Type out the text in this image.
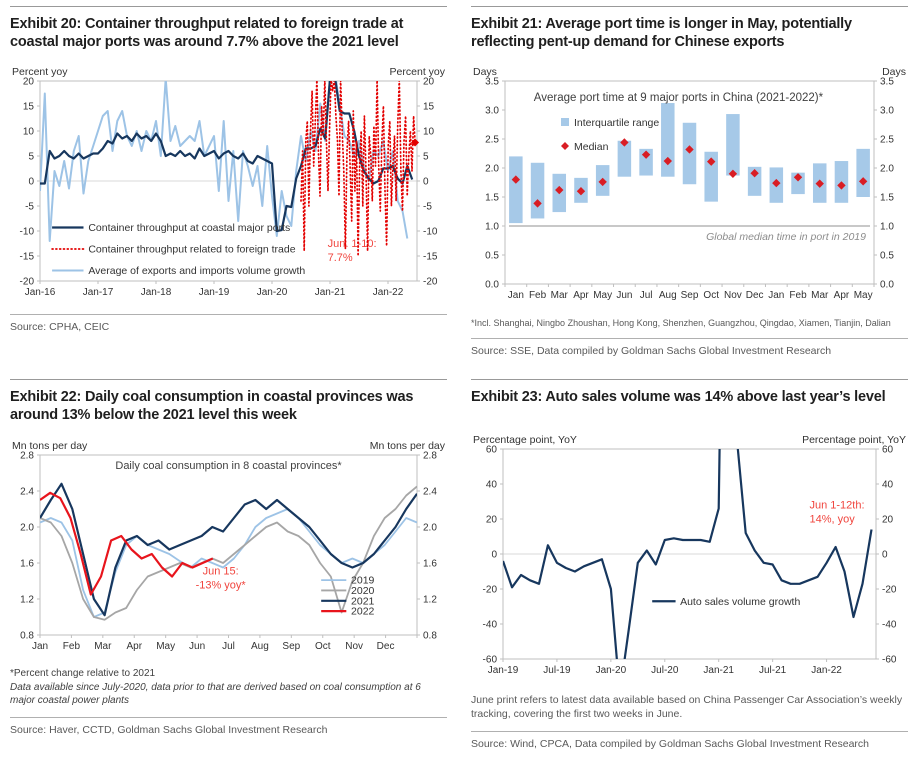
Exhibit 20: Container throughput related to foreign trade at coastal major ports was around 7.7% above the 2021 level
Percent yoy	Percent yoy
-20	-20
-15	-15
-10	-10
-5	-5
0	0
5	5
10	10
15	15
20	20
Jan-16	Jan-17	Jan-18	Jan-19	Jan-20	Jan-21	Jan-22
Container throughput at coastal major ports
Container throughput related to foreign trade
Average of exports and imports volume growth
Jun. 1-10:
7.7%

Source: CPHA, CEIC

Exhibit 21: Average port time is longer in May, potentially reflecting pent-up demand for Chinese exports
Days	Days
0.0	0.0
0.5	0.5
1.0	1.0
1.5	1.5
2.0	2.0
2.5	2.5
3.0	3.0
3.5	3.5
Global median time in port in 2019
Jan Feb Mar Apr May Jun Jul Aug Sep Oct Nov Dec Jan Feb Mar Apr May
Average port time at 9 major ports in China (2021-2022)*
Interquartile range
Median

*Incl. Shanghai, Ningbo Zhoushan, Hong Kong, Shenzhen, Guangzhou, Qingdao, Xiamen, Tianjin, Dalian

Source: SSE, Data compiled by Goldman Sachs Global Investment Research

Exhibit 22: Daily coal consumption in coastal provinces was around 13% below the 2021 level this week
Mn tons per day	Mn tons per day
0.8	0.8
1.2	1.2
1.6	1.6
2.0	2.0
2.4	2.4
2.8	2.8
Jan Feb Mar Apr May Jun Jul Aug Sep Oct Nov Dec
Daily coal consumption in 8 coastal provinces*
2019
2020
2021
2022
Jun 15:
-13% yoy*

*Percent change relative to 2021

Data available since July-2020, data prior to that are derived based on coal consumption at 6 major coastal power plants

Source: Haver, CCTD, Goldman Sachs Global Investment Research

Exhibit 23: Auto sales volume was 14% above last year’s level
Percentage point, YoY	Percentage point, YoY
-60	-60
-40	-40
-20	-20
0	0
20	20
40	40
60	60
Jan-19	Jul-19	Jan-20	Jul-20	Jan-21	Jul-21	Jan-22
Auto sales volume growth
Jun 1-12th:
14%, yoy

June print refers to latest data available based on China Passenger Car Association’s weekly tracking, covering the first two weeks in June.

Source: Wind, CPCA, Data compiled by Goldman Sachs Global Investment Research
